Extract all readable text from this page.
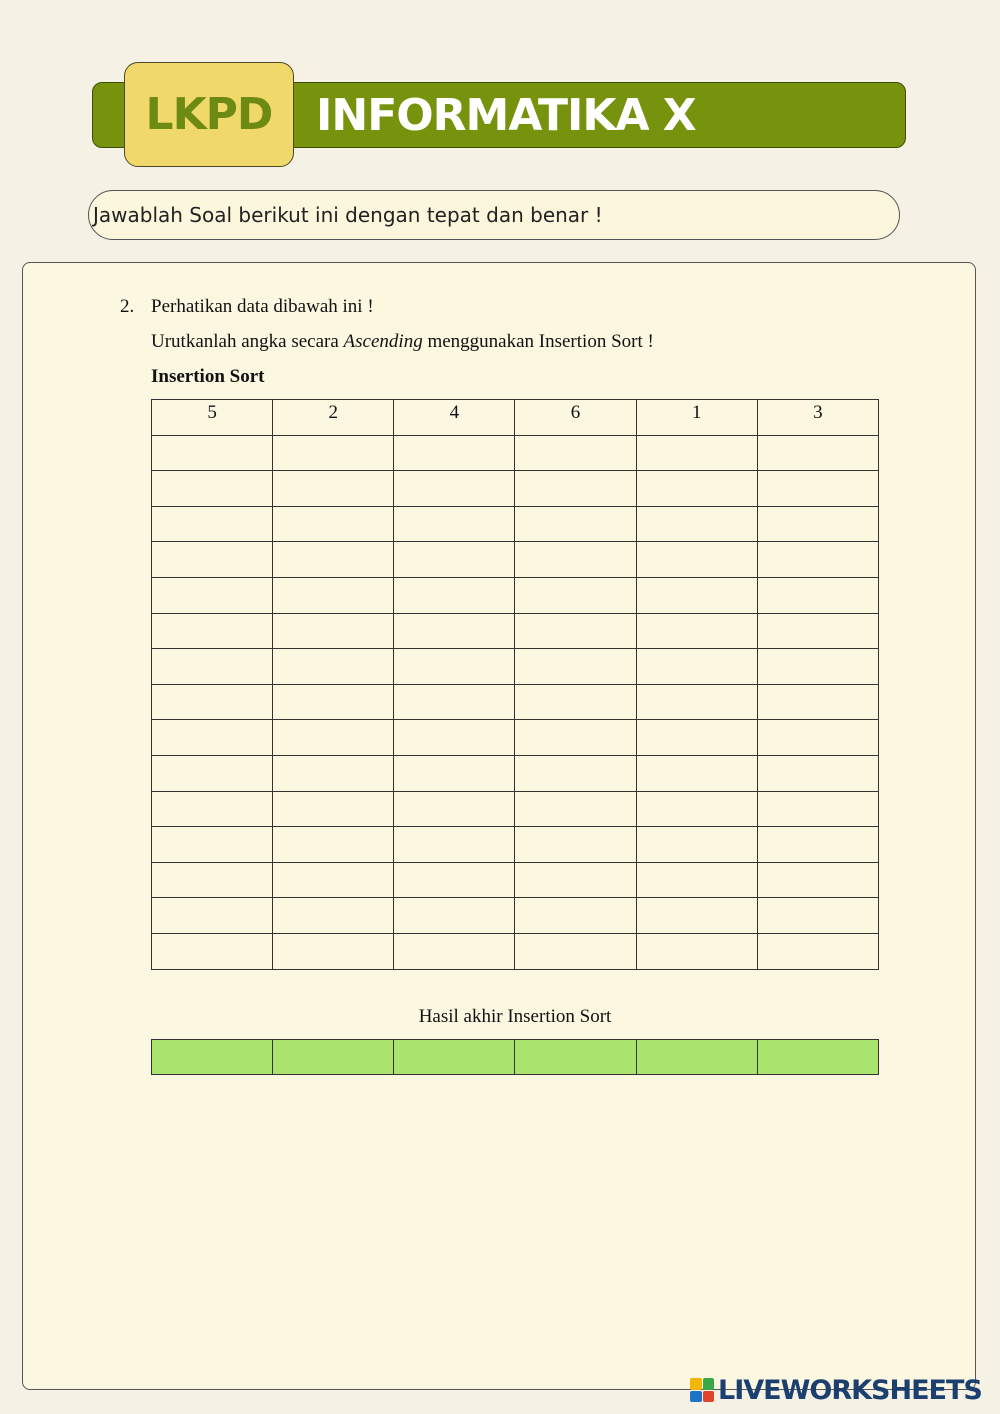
LKPD INFORMATIKA X
Jawablah Soal berikut ini dengan tepat dan benar !
2. Perhatikan data dibawah ini !
Urutkanlah angka secara Ascending menggunakan Insertion Sort !
Insertion Sort
5	2	4	6	1	3

Hasil akhir Insertion Sort

LIVEWORKSHEETS
